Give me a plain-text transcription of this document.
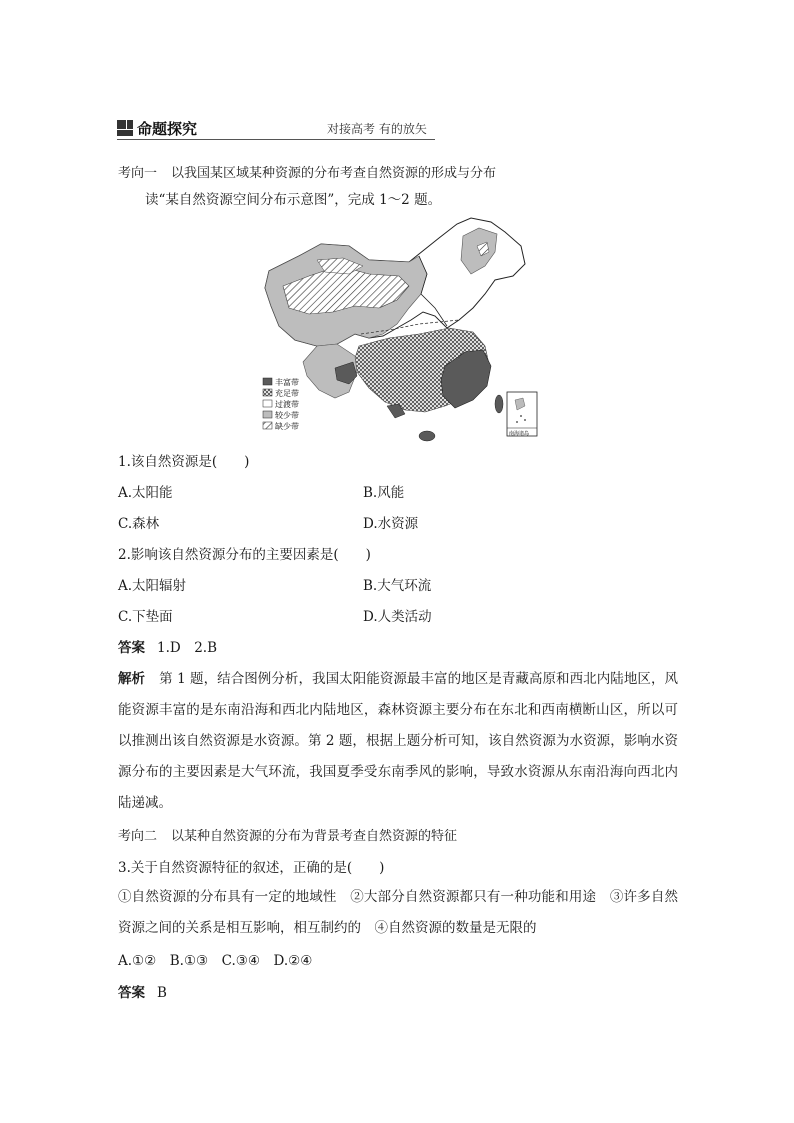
命题探究	对接高考 有的放矢
考向一 以我国某区域某种资源的分布考查自然资源的形成与分布
读“某自然资源空间分布示意图”，完成 1～2 题。
丰富带
充足带
过渡带
较少带
缺少带
南海诸岛
1.该自然资源是(　　)
A.太阳能	B.风能
C.森林	D.水资源
2.影响该自然资源分布的主要因素是(　　)
A.太阳辐射	B.大气环流
C.下垫面	D.人类活动
答案 1.D　2.B
解析 第 1 题，结合图例分析，我国太阳能资源最丰富的地区是青藏高原和西北内陆地区，风能资源丰富的是东南沿海和西北内陆地区，森林资源主要分布在东北和西南横断山区，所以可以推测出该自然资源是水资源。第 2 题，根据上题分析可知，该自然资源为水资源，影响水资源分布的主要因素是大气环流，我国夏季受东南季风的影响，导致水资源从东南沿海向西北内陆递减。
考向二 以某种自然资源的分布为背景考查自然资源的特征
3.关于自然资源特征的叙述，正确的是(　　)
①自然资源的分布具有一定的地域性　②大部分自然资源都只有一种功能和用途　③许多自然资源之间的关系是相互影响，相互制约的　④自然资源的数量是无限的
A.①②　B.①③　C.③④　D.②④
答案 B
